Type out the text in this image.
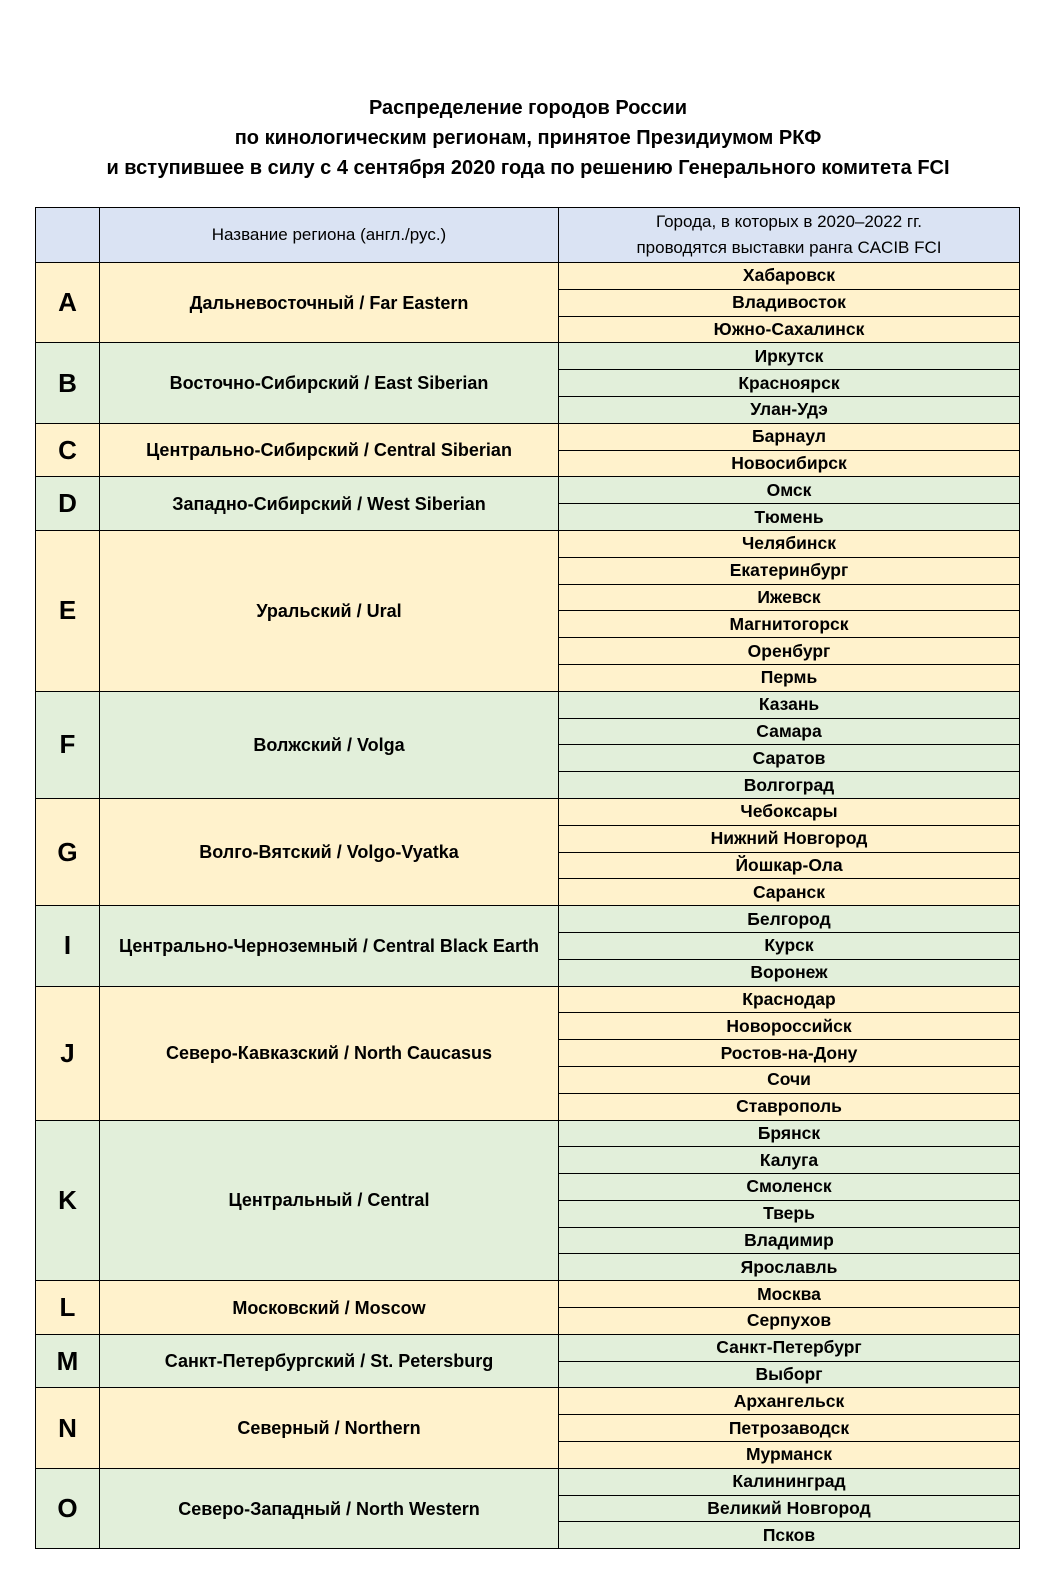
Распределение городов России
по кинологическим регионам, принятое Президиумом РКФ
и вступившее в силу с 4 сентября 2020 года по решению Генерального комитета FCI
	Название региона (англ./рус.)	Города, в которых в 2020–2022 гг.
проводятся выставки ранга CACIB FCI

A	Дальневосточный / Far Eastern	Хабаровск
		Владивосток
		Южно-Сахалинск
B	Восточно-Сибирский / East Siberian	Иркутск
		Красноярск
		Улан-Удэ
C	Центрально-Сибирский / Central Siberian	Барнаул
		Новосибирск
D	Западно-Сибирский / West Siberian	Омск
		Тюмень
E	Уральский / Ural	Челябинск
		Екатеринбург
		Ижевск
		Магнитогорск
		Оренбург
		Пермь
F	Волжский / Volga	Казань
		Самара
		Саратов
		Волгоград
G	Волго-Вятский / Volgo-Vyatka	Чебоксары
		Нижний Новгород
		Йошкар-Ола
		Саранск
I	Центрально-Черноземный / Central Black Earth	Белгород
		Курск
		Воронеж
J	Северо-Кавказский / North Caucasus	Краснодар
		Новороссийск
		Ростов-на-Дону
		Сочи
		Ставрополь
K	Центральный / Central	Брянск
		Калуга
		Смоленск
		Тверь
		Владимир
		Ярославль
L	Московский / Moscow	Москва
		Серпухов
M	Санкт-Петербургский / St. Petersburg	Санкт-Петербург
		Выборг
N	Северный / Northern	Архангельск
		Петрозаводск
		Мурманск
O	Северо-Западный / North Western	Калининград
		Великий Новгород
		Псков
